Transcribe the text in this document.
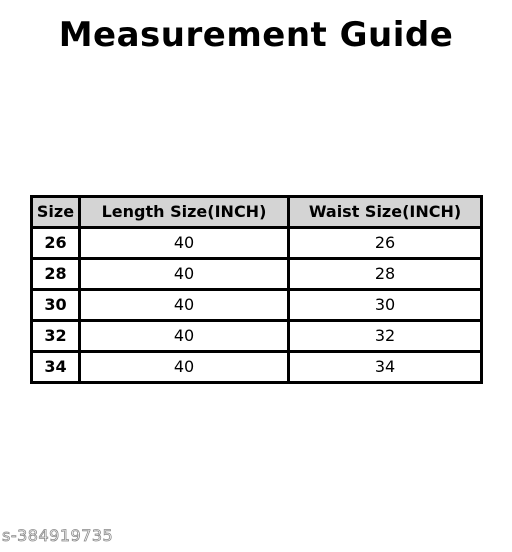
Measurement Guide
Size	Length Size(INCH)	Waist Size(INCH)
26	40	26
28	40	28
30	40	30
32	40	32
34	40	34
s-384919735
